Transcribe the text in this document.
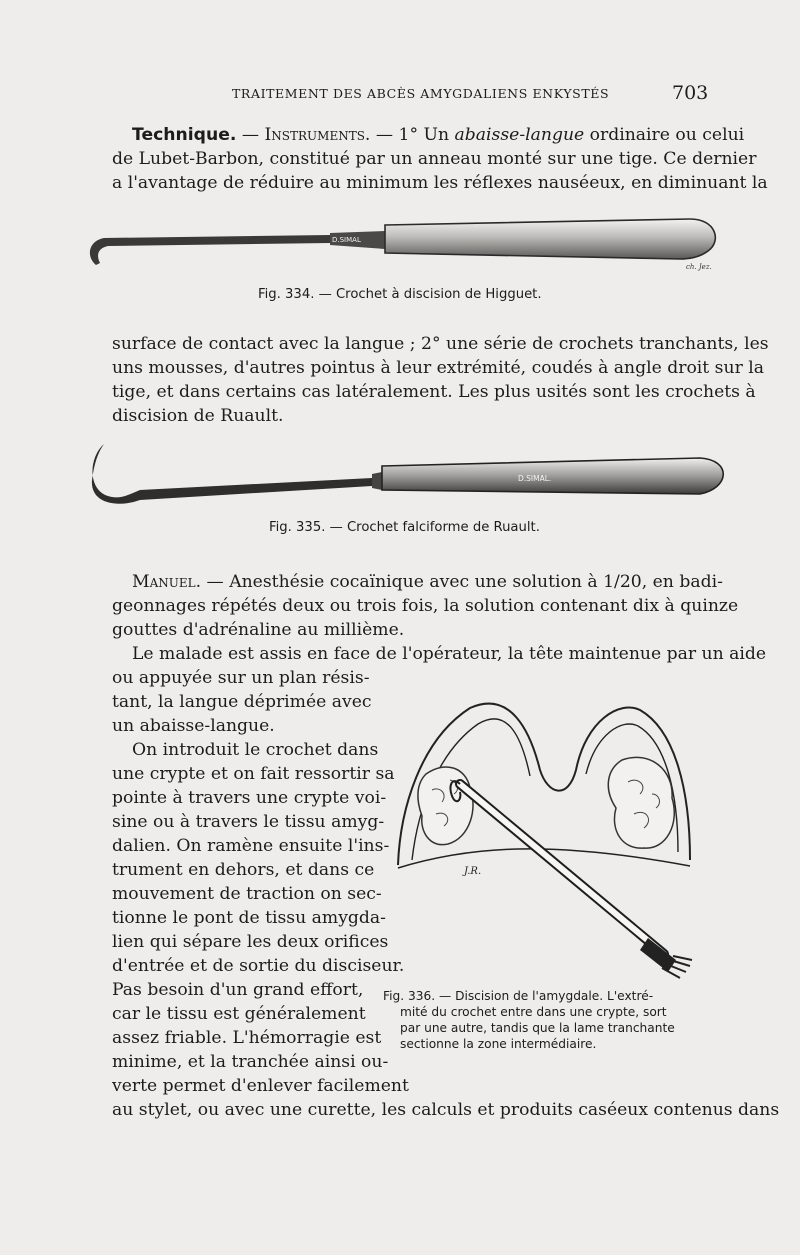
TRAITEMENT DES ABCÈS AMYGDALIENS ENKYSTÉS	703
Technique. — Instruments. — 1° Un abaisse-langue ordinaire ou celui
de Lubet-Barbon, constitué par un anneau monté sur une tige. Ce dernier
a l'avantage de réduire au minimum les réflexes nauséeux, en diminuant la
D.SIMAL
ch. Jez.
Fig. 334. — Crochet à discision de Higguet.
surface de contact avec la langue ; 2° une série de crochets tranchants, les
uns mousses, d'autres pointus à leur extrémité, coudés à angle droit sur la
tige, et dans certains cas latéralement. Les plus usités sont les crochets à
discision de Ruault.
D.SIMAL.
Fig. 335. — Crochet falciforme de Ruault.
Manuel. — Anesthésie cocaïnique avec une solution à 1/20, en badi-
geonnages répétés deux ou trois fois, la solution contenant dix à quinze
gouttes d'adrénaline au millième.
Le malade est assis en face de l'opérateur, la tête maintenue par un aide
ou appuyée sur un plan résis-
tant, la langue déprimée avec
un abaisse-langue.
On introduit le crochet dans
une crypte et on fait ressortir sa
pointe à travers une crypte voi-
sine ou à travers le tissu amyg-
dalien. On ramène ensuite l'ins-
trument en dehors, et dans ce
mouvement de traction on sec-
tionne le pont de tissu amygda-
lien qui sépare les deux orifices
d'entrée et de sortie du disciseur.
Pas besoin d'un grand effort,
car le tissu est généralement
assez friable. L'hémorragie est
minime, et la tranchée ainsi ou-
verte permet d'enlever facilement
au stylet, ou avec une curette, les calculs et produits caséeux contenus dans
J.R.
Fig. 336. — Discision de l'amygdale. L'extré-
mité du crochet entre dans une crypte, sort
par une autre, tandis que la lame tranchante
sectionne la zone intermédiaire.
